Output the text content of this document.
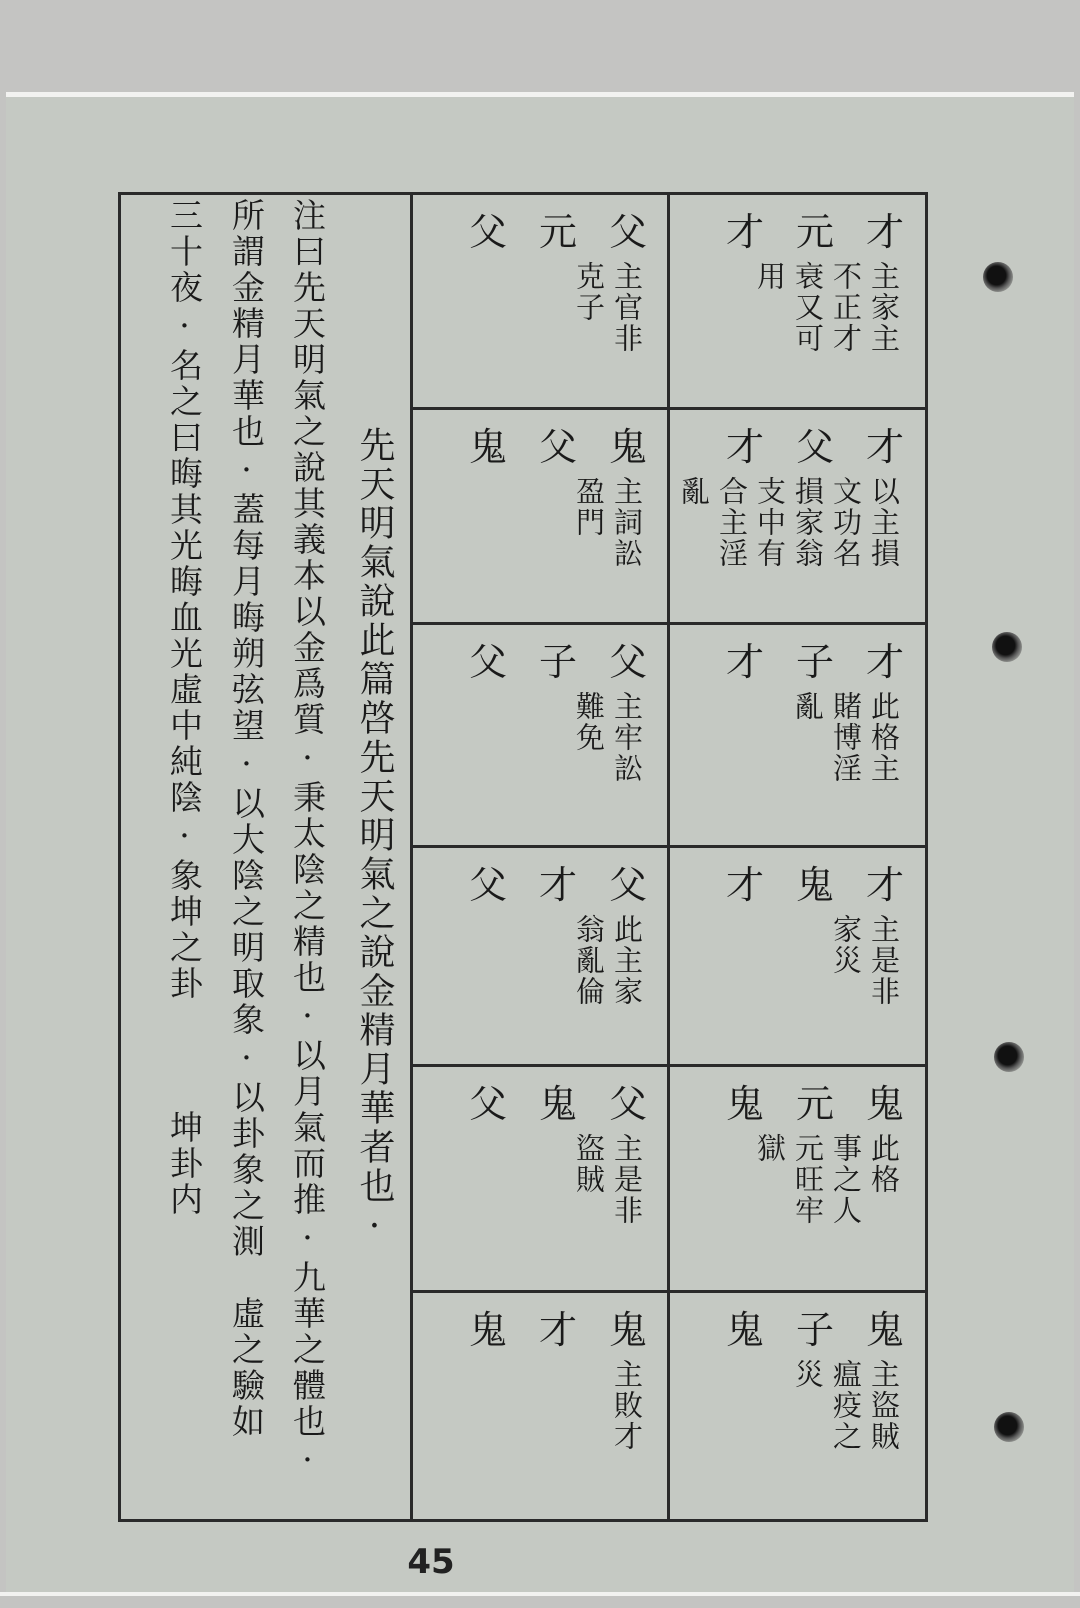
先天明氣說此篇啓先天明氣之說金精月華者也·
注曰先天明氣之說其義本以金爲質·秉太陰之精也·以月氣而推·九華之體也·
所謂金精月華也·蓋每月晦朔弦望·以大陰之明取象·以卦象之測　虛之驗如
三十夜·名之曰晦其光晦血光虛中純陰·象坤之卦　　　坤卦内	父 元 父
主官非
克子
才 元 才
主家主
不正才
衰又可
用
鬼 父 鬼
主詞訟
盈門
才 父 才
以主損
文功名
損家翁
支中有
合主淫
亂
父 子 父
主牢訟
難免
才 子 才
此格主
賭博淫
亂
父 才 父
此主家
翁亂倫
才 鬼 才
主是非
家災
父 鬼 父
主是非
盜賊
鬼 元 鬼
此格
事之人
元旺牢
獄
鬼 才 鬼
主敗才
鬼 子 鬼
主盜賊
瘟疫之
災
45
